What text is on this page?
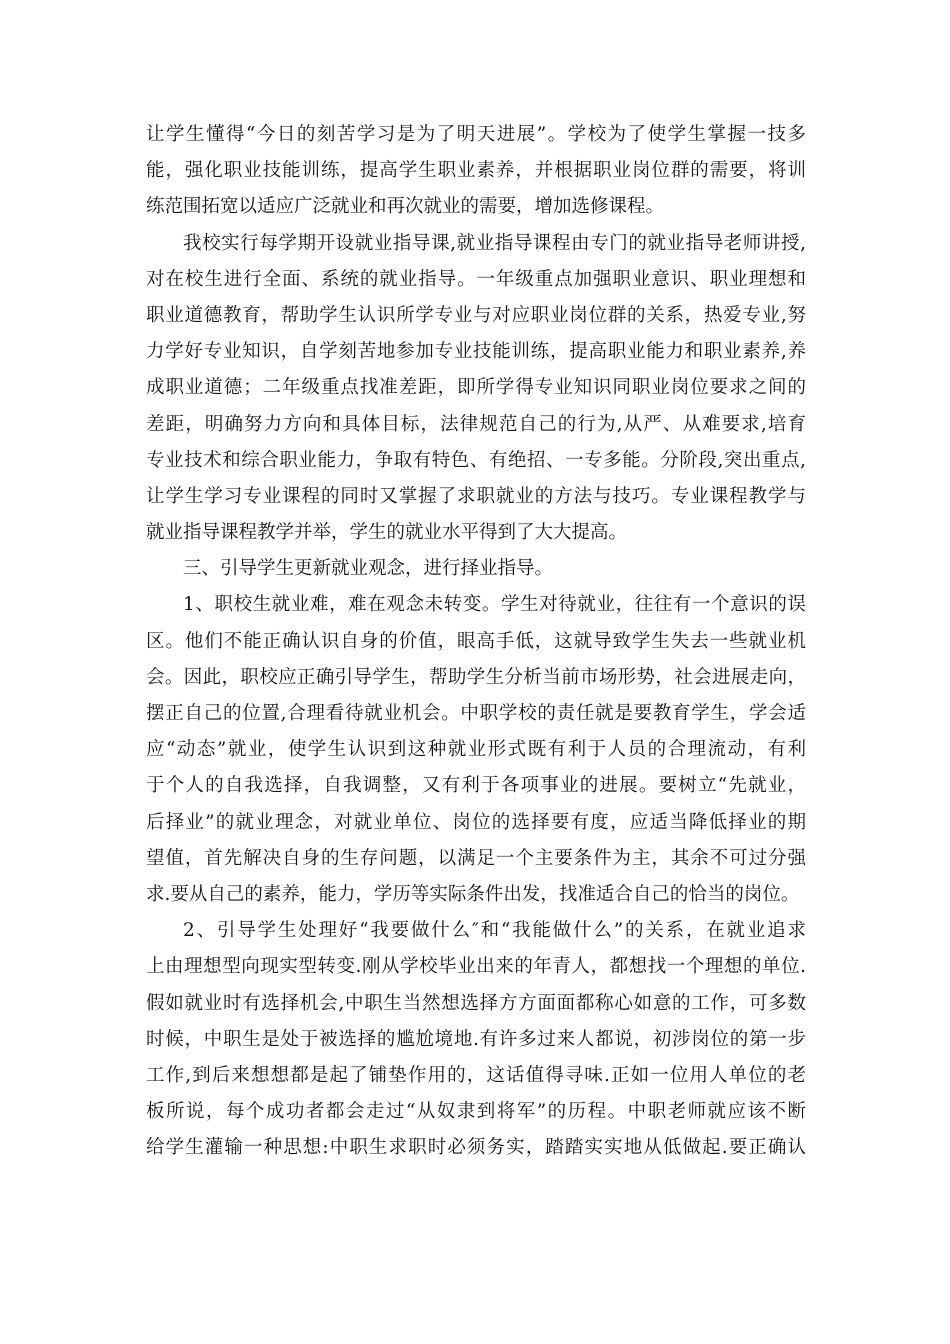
让学生懂得“今日的刻苦学习是为了明天进展”。学校为了使学生掌握一技多
能，强化职业技能训练，提高学生职业素养，并根据职业岗位群的需要，将训
练范围拓宽以适应广泛就业和再次就业的需要，增加选修课程。
我校实行每学期开设就业指导课,就业指导课程由专门的就业指导老师讲授,
对在校生进行全面、系统的就业指导。一年级重点加强职业意识、职业理想和
职业道德教育，帮助学生认识所学专业与对应职业岗位群的关系，热爱专业,努
力学好专业知识，自学刻苦地参加专业技能训练，提高职业能力和职业素养,养
成职业道德；二年级重点找准差距，即所学得专业知识同职业岗位要求之间的
差距，明确努力方向和具体目标，法律规范自己的行为,从严、从难要求,培育
专业技术和综合职业能力，争取有特色、有绝招、一专多能。分阶段,突出重点,
让学生学习专业课程的同时又掌握了求职就业的方法与技巧。专业课程教学与
就业指导课程教学并举，学生的就业水平得到了大大提高。
三、引导学生更新就业观念，进行择业指导。
1、职校生就业难，难在观念未转变。学生对待就业，往往有一个意识的误
区。他们不能正确认识自身的价值，眼高手低，这就导致学生失去一些就业机
会。因此，职校应正确引导学生，帮助学生分析当前市场形势，社会进展走向，
摆正自己的位置,合理看待就业机会。中职学校的责任就是要教育学生，学会适
应“动态”就业，使学生认识到这种就业形式既有利于人员的合理流动，有利
于个人的自我选择，自我调整，又有利于各项事业的进展。要树立“先就业，
后择业”的就业理念，对就业单位、岗位的选择要有度，应适当降低择业的期
望值，首先解决自身的生存问题，以满足一个主要条件为主，其余不可过分强
求.要从自己的素养，能力，学历等实际条件出发，找准适合自己的恰当的岗位。
2、引导学生处理好“我要做什么″和“我能做什么”的关系，在就业追求
上由理想型向现实型转变.刚从学校毕业出来的年青人，都想找一个理想的单位.
假如就业时有选择机会,中职生当然想选择方方面面都称心如意的工作，可多数
时候，中职生是处于被选择的尴尬境地.有许多过来人都说，初涉岗位的第一步
工作,到后来想想都是起了铺垫作用的，这话值得寻味.正如一位用人单位的老
板所说，每个成功者都会走过“从奴隶到将军”的历程。中职老师就应该不断
给学生灌输一种思想:中职生求职时必须务实，踏踏实实地从低做起.要正确认
